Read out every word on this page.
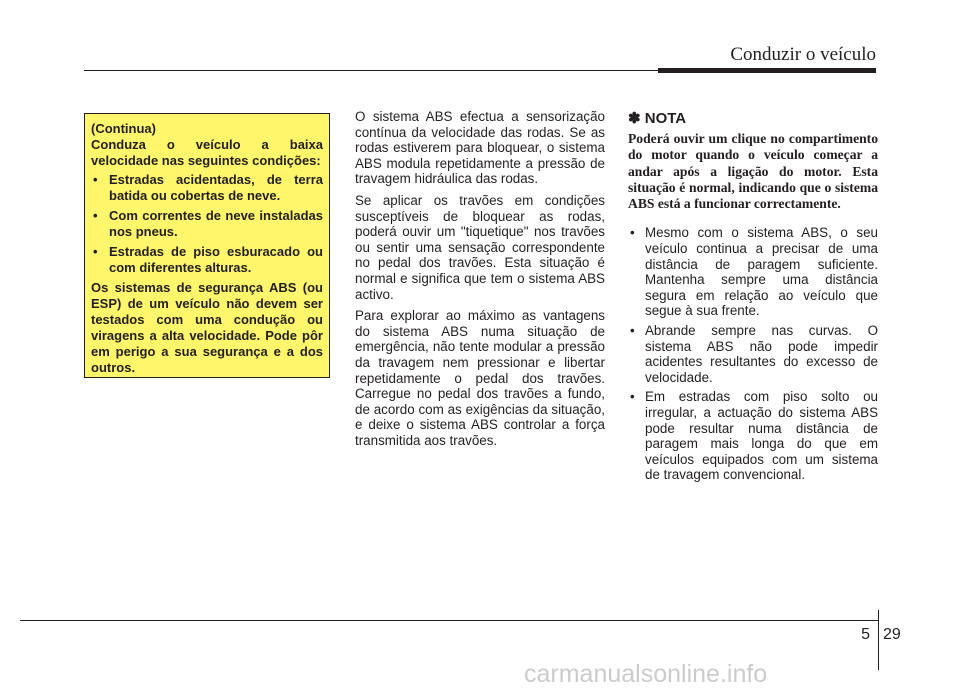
Conduzir o veículo

(Continua)

Conduza o veículo a baixa velocidade nas seguintes condições:

• Estradas acidentadas, de terra batida ou cobertas de neve.
• Com correntes de neve instaladas nos pneus.
• Estradas de piso esburacado ou com diferentes alturas.

Os sistemas de segurança ABS (ou ESP) de um veículo não devem ser testados com uma condução ou viragens a alta velocidade. Pode pôr em perigo a sua segurança e a dos outros.

O sistema ABS efectua a sensorização contínua da velocidade das rodas. Se as rodas estiverem para bloquear, o sistema ABS modula repetidamente a pressão de travagem hidráulica das rodas.

Se aplicar os travões em condições susceptíveis de bloquear as rodas, poderá ouvir um "tiquetique" nos travões ou sentir uma sensação correspondente no pedal dos travões. Esta situação é normal e significa que tem o sistema ABS activo.

Para explorar ao máximo as vantagens do sistema ABS numa situação de emergência, não tente modular a pressão da travagem nem pressionar e libertar repetidamente o pedal dos travões. Carregue no pedal dos travões a fundo, de acordo com as exigências da situação, e deixe o sistema ABS controlar a força transmitida aos travões.

✽ NOTA

Poderá ouvir um clique no compartimento do motor quando o veículo começar a andar após a ligação do motor. Esta situação é normal, indicando que o sistema ABS está a funcionar correctamente.

• Mesmo com o sistema ABS, o seu veículo continua a precisar de uma distância de paragem suficiente. Mantenha sempre uma distância segura em relação ao veículo que segue à sua frente.
• Abrande sempre nas curvas. O sistema ABS não pode impedir acidentes resultantes do excesso de velocidade.
• Em estradas com piso solto ou irregular, a actuação do sistema ABS pode resultar numa distância de paragem mais longa do que em veículos equipados com um sistema de travagem convencional.
5 29
carmanualsonline.info
